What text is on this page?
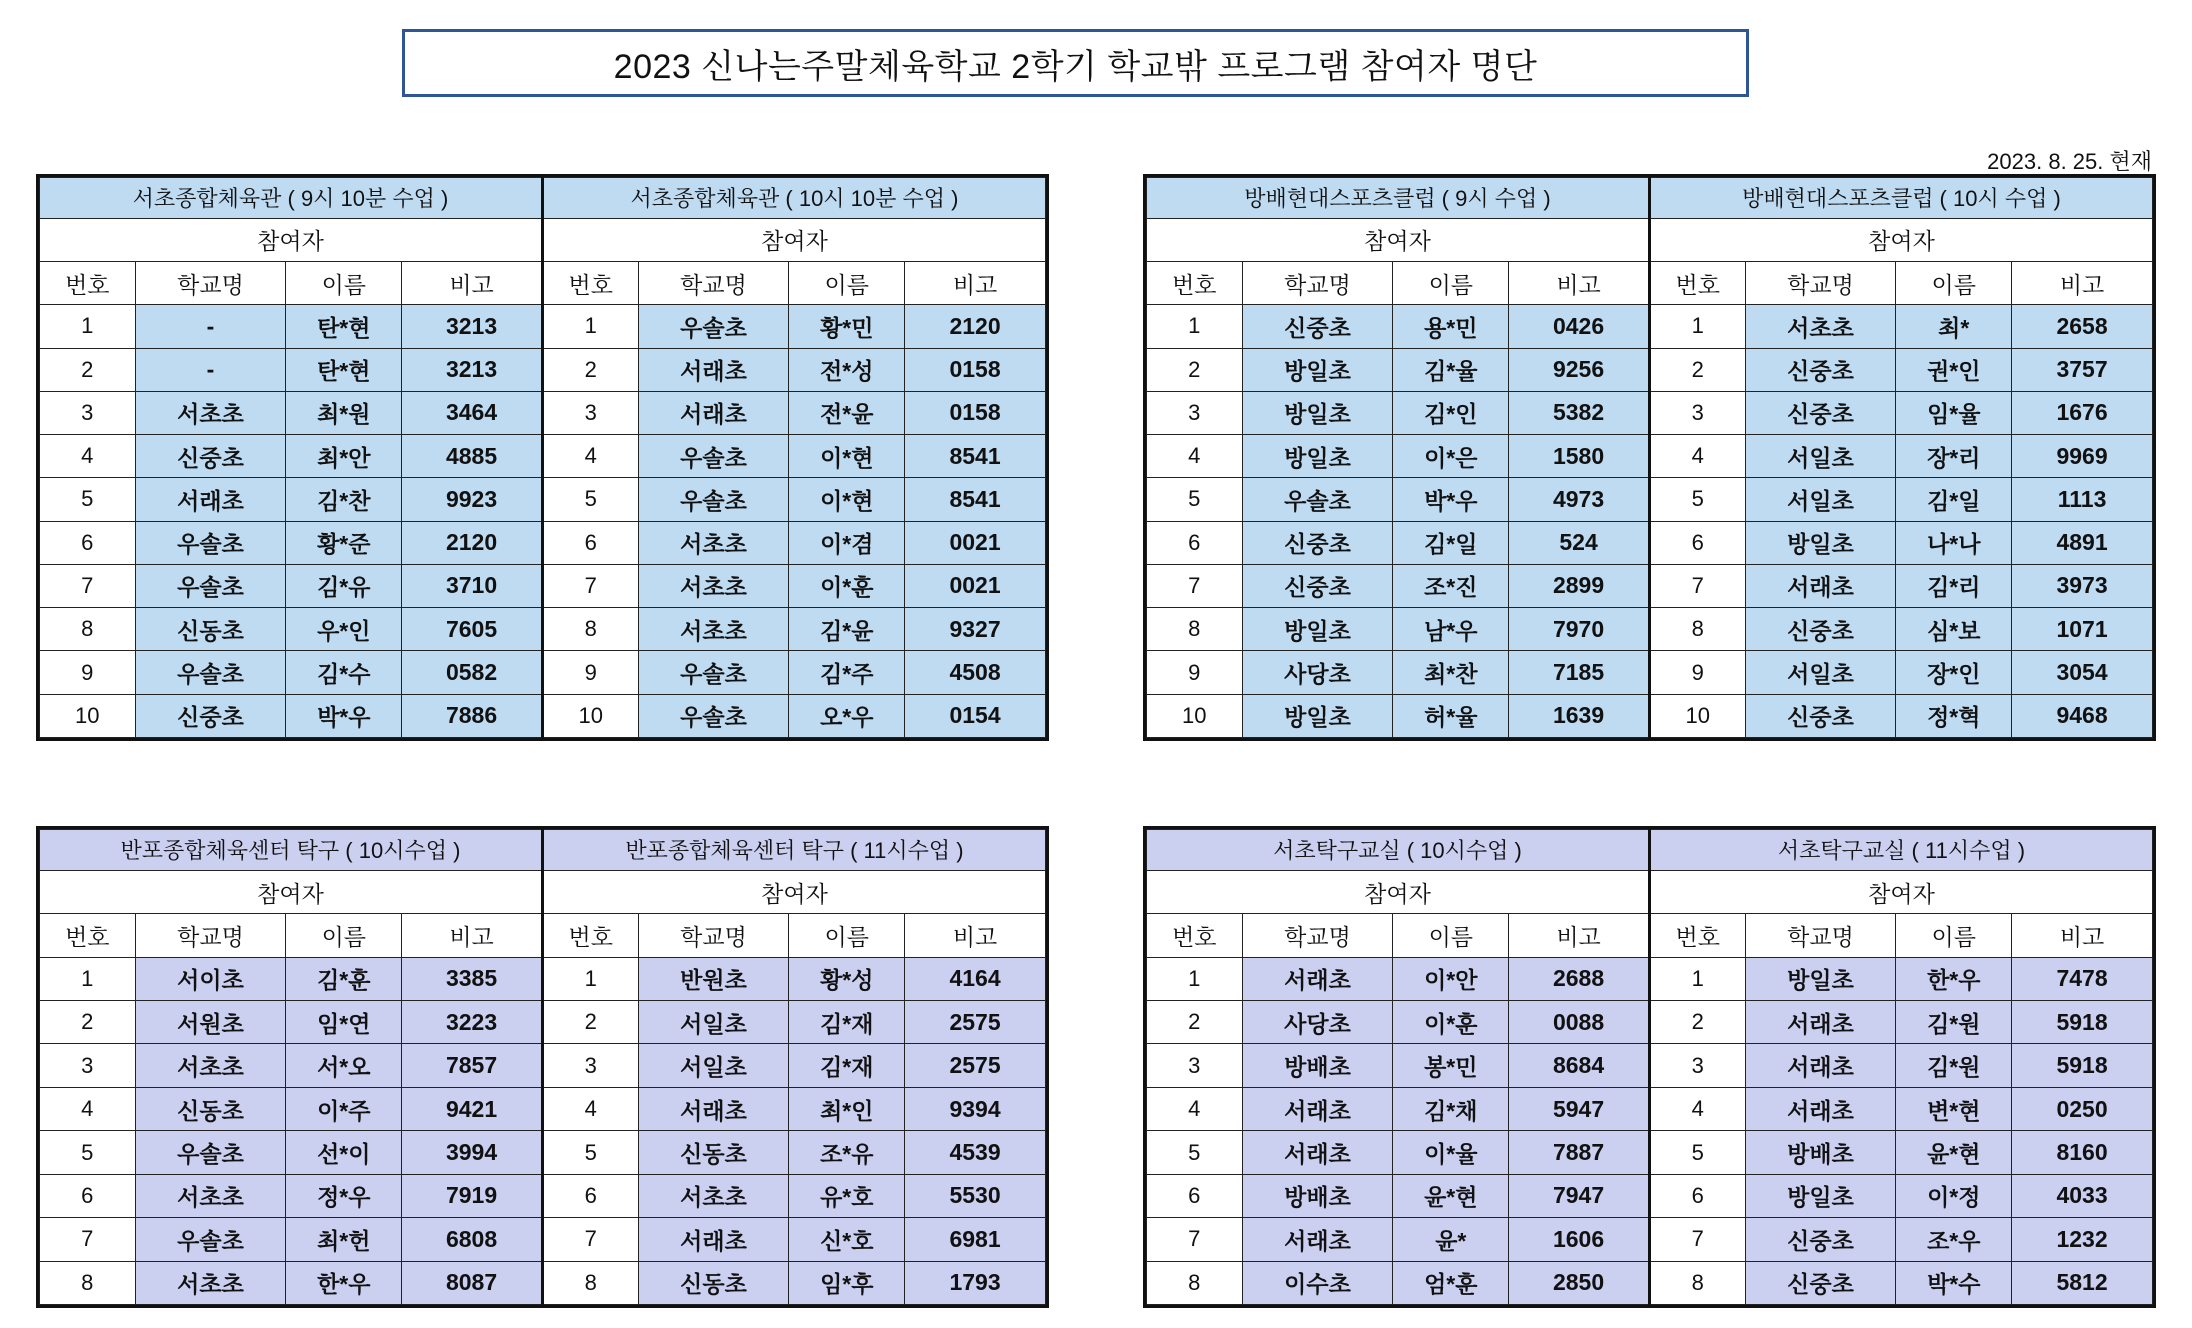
2023 신나는주말체육학교 2학기 학교밖 프로그램 참여자 명단
2023. 8. 25. 현재
서초종합체육관 ( 9시 10분 수업 )				서초종합체육관 ( 10시 10분 수업 )			
참여자				참여자			
번호	학교명	이름	비고	번호	학교명	이름	비고
1	-	탄*현	3213	1	우솔초	황*민	2120
2	-	탄*현	3213	2	서래초	전*성	0158
3	서초초	최*원	3464	3	서래초	전*윤	0158
4	신중초	최*안	4885	4	우솔초	이*현	8541
5	서래초	김*찬	9923	5	우솔초	이*현	8541
6	우솔초	황*준	2120	6	서초초	이*겸	0021
7	우솔초	김*유	3710	7	서초초	이*훈	0021
8	신동초	우*인	7605	8	서초초	김*윤	9327
9	우솔초	김*수	0582	9	우솔초	김*주	4508
10	신중초	박*우	7886	10	우솔초	오*우	0154
방배현대스포츠클럽 ( 9시 수업 )				방배현대스포츠클럽 ( 10시 수업 )			
참여자				참여자			
번호	학교명	이름	비고	번호	학교명	이름	비고
1	신중초	용*민	0426	1	서초초	최*	2658
2	방일초	김*율	9256	2	신중초	권*인	3757
3	방일초	김*인	5382	3	신중초	임*율	1676
4	방일초	이*은	1580	4	서일초	장*리	9969
5	우솔초	박*우	4973	5	서일초	김*일	1113
6	신중초	김*일	524	6	방일초	나*나	4891
7	신중초	조*진	2899	7	서래초	김*리	3973
8	방일초	남*우	7970	8	신중초	심*보	1071
9	사당초	최*찬	7185	9	서일초	장*인	3054
10	방일초	허*율	1639	10	신중초	정*혁	9468
반포종합체육센터 탁구 ( 10시수업 )				반포종합체육센터 탁구 ( 11시수업 )			
참여자				참여자			
번호	학교명	이름	비고	번호	학교명	이름	비고
1	서이초	김*훈	3385	1	반원초	황*성	4164
2	서원초	임*연	3223	2	서일초	김*재	2575
3	서초초	서*오	7857	3	서일초	김*재	2575
4	신동초	이*주	9421	4	서래초	최*인	9394
5	우솔초	선*이	3994	5	신동초	조*유	4539
6	서초초	정*우	7919	6	서초초	유*호	5530
7	우솔초	최*헌	6808	7	서래초	신*호	6981
8	서초초	한*우	8087	8	신동초	임*후	1793
서초탁구교실 ( 10시수업 )				서초탁구교실 ( 11시수업 )			
참여자				참여자			
번호	학교명	이름	비고	번호	학교명	이름	비고
1	서래초	이*안	2688	1	방일초	한*우	7478
2	사당초	이*훈	0088	2	서래초	김*원	5918
3	방배초	봉*민	8684	3	서래초	김*원	5918
4	서래초	김*채	5947	4	서래초	변*현	0250
5	서래초	이*율	7887	5	방배초	윤*현	8160
6	방배초	윤*현	7947	6	방일초	이*정	4033
7	서래초	윤*	1606	7	신중초	조*우	1232
8	이수초	엄*훈	2850	8	신중초	박*수	5812
